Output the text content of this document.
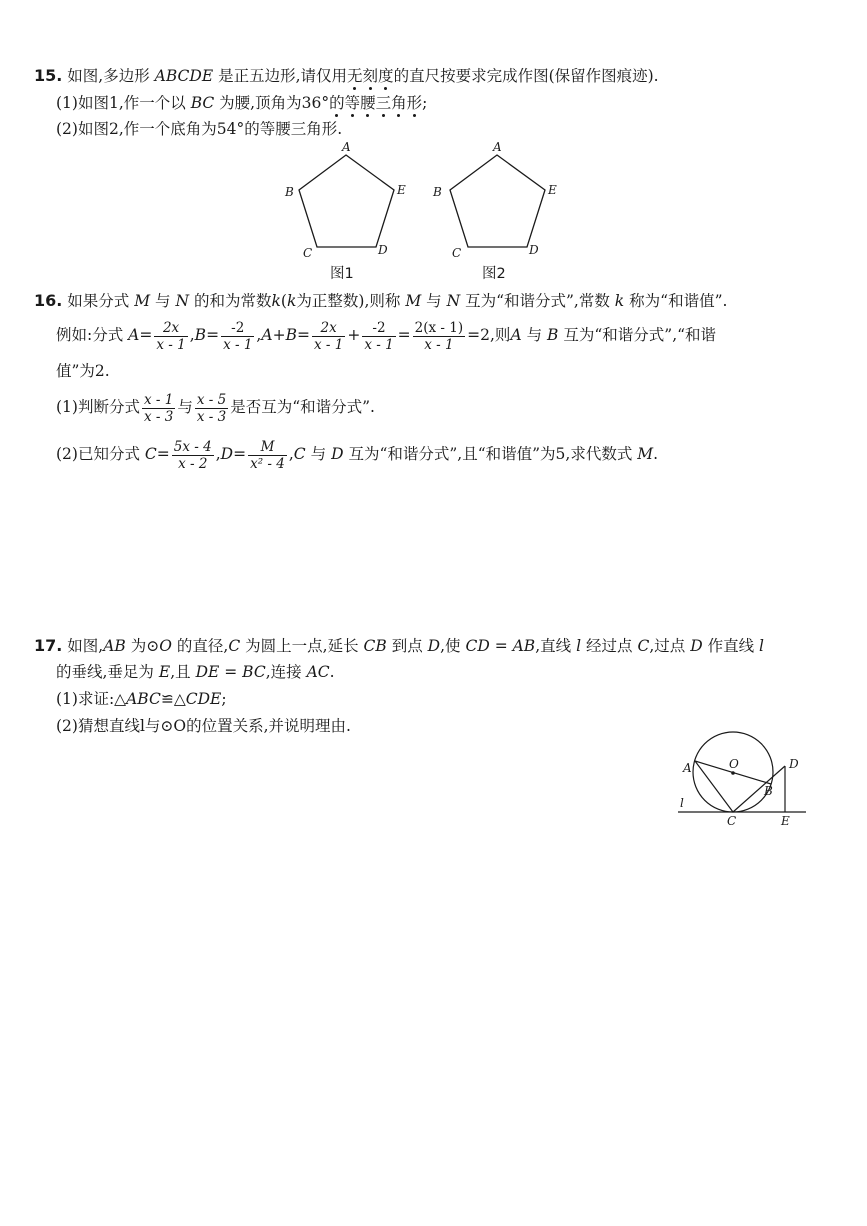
15. 如图,多边形 ABCDE 是正五边形,请仅用无刻度的直尺按要求完成作图(保留作图痕迹).
(1)如图1,作一个以 BC 为腰,顶角为36°的等腰三角形;
(2)如图2,作一个底角为54°的等腰三角形.
A
B	E
C	D
图1
A
B	E
C	D
图2
16. 如果分式 M 与 N 的和为常数k(k为正整数),则称 M 与 N 互为“和谐分式”,常数 k 称为“和谐值”.
例如:分式 $A= \frac{2x}{x - 1} ,B= \frac{-2}{x - 1} ,A+B= \frac{2x}{x - 1} + \frac{-2}{x - 1} = \frac{2(x - 1)}{x - 1} =2$,则A 与 B 互为“和谐分式”,“和谐
值”为2.
(1)判断分式 $\frac{x - 1}{x - 3}$ 与 $\frac{x - 5}{x - 3}$ 是否互为“和谐分式”.
(2)已知分式 $C= \frac{5x - 4}{x - 2} ,D= \frac{M}{\text{x² - 4}} ,C$ 与 D 互为“和谐分式”,且“和谐值”为5,求代数式 M.
17. 如图,AB 为⊙O 的直径,C 为圆上一点,延长 CB 到点 D,使 CD = AB,直线 l 经过点 C,过点 D 作直线 l
的垂线,垂足为 E,且 DE = BC,连接 AC.
(1)求证:△ABC≌△CDE;
(2)猜想直线l与⊙O的位置关系,并说明理由.
A	O
B
D
C	E
l
